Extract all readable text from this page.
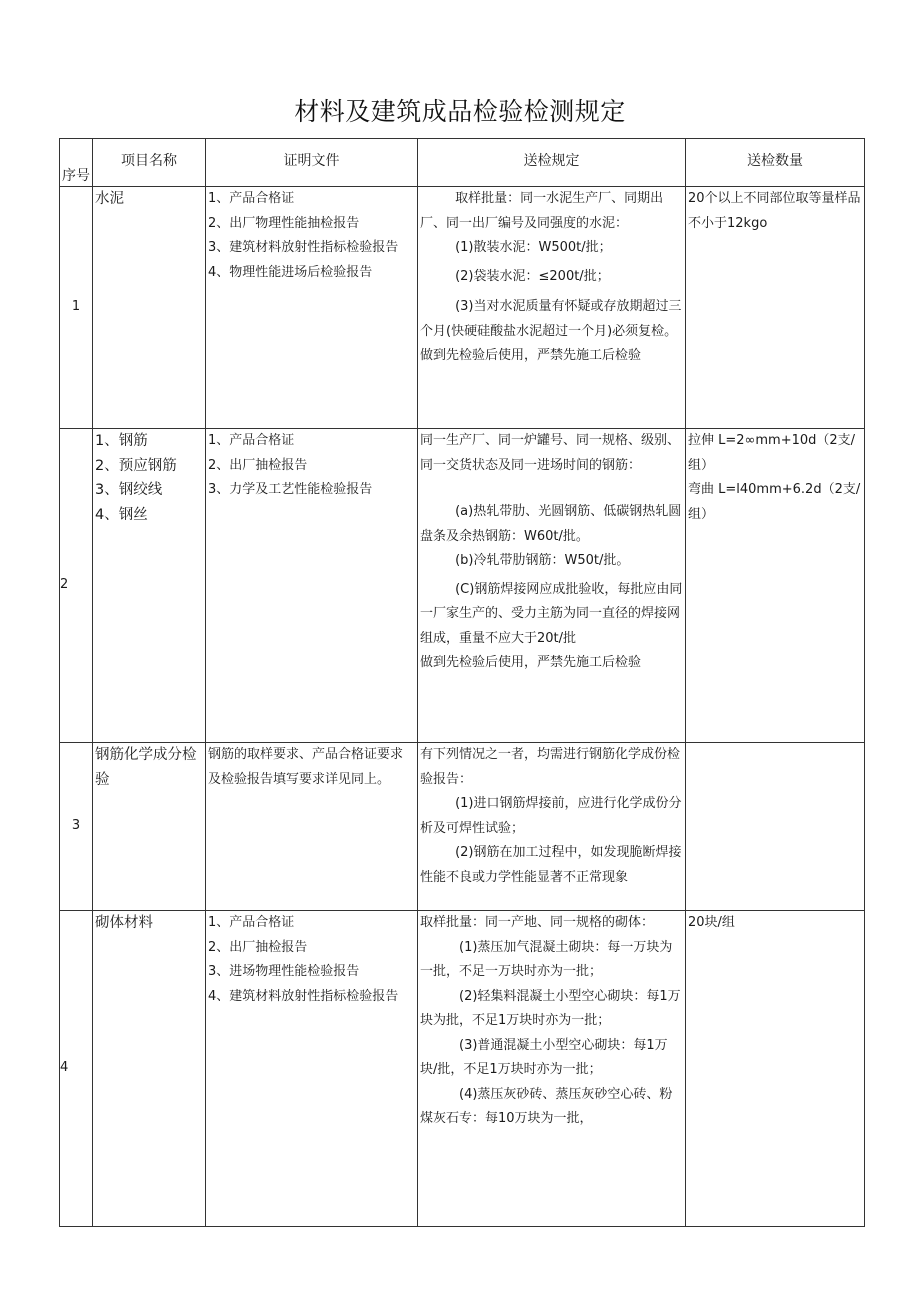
材料及建筑成品检验检测规定
序号	项目名称	证明文件	送检规定	送检数量

1	水泥	1、产品合格证
2、出厂物理性能抽检报告
3、建筑材料放射性指标检验报告
4、物理性能进场后检验报告	取样批量：同一水泥生产厂、同期出厂、同一出厂编号及同强度的水泥：
(1)散装水泥：W500t/批；
(2)袋装水泥：≤200t/批；
(3)当对水泥质量有怀疑或存放期超过三个月(快硬硅酸盐水泥超过一个月)必须复检。
做到先检验后使用，严禁先施工后检验	20个以上不同部位取等量样品不小于12kgo

2	1、钢筋
2、预应钢筋
3、钢绞线
4、钢丝	1、产品合格证
2、出厂抽检报告
3、力学及工艺性能检验报告	同一生产厂、同一炉罐号、同一规格、级别、同一交货状态及同一进场时间的钢筋：
(a)热轧带肋、光圆钢筋、低碳钢热轧圆盘条及余热钢筋：W60t/批。
(b)冷轧带肋钢筋：W50t/批。
(C)钢筋焊接网应成批验收，每批应由同一厂家生产的、受力主筋为同一直径的焊接网组成，重量不应大于20t/批
做到先检验后使用，严禁先施工后检验	拉伸 L=2∞mm+10d（2支/组）
弯曲 L=l40mm+6.2d（2支/组）

3	钢筋化学成分检验	钢筋的取样要求、产品合格证要求及检验报告填写要求详见同上。	有下列情况之一者，均需进行钢筋化学成份检验报告：
(1)进口钢筋焊接前，应进行化学成份分析及可焊性试验；
(2)钢筋在加工过程中，如发现脆断焊接性能不良或力学性能显著不正常现象	

4	砌体材料	1、产品合格证
2、出厂抽检报告
3、进场物理性能检验报告
4、建筑材料放射性指标检验报告	取样批量：同一产地、同一规格的砌体：
(1)蒸压加气混凝土砌块：每一万块为一批，不足一万块时亦为一批；
(2)轻集料混凝土小型空心砌块：每1万块为批，不足1万块时亦为一批；
(3)普通混凝土小型空心砌块：每1万块/批，不足1万块时亦为一批；
(4)蒸压灰砂砖、蒸压灰砂空心砖、粉煤灰石专：每10万块为一批，	20块/组
